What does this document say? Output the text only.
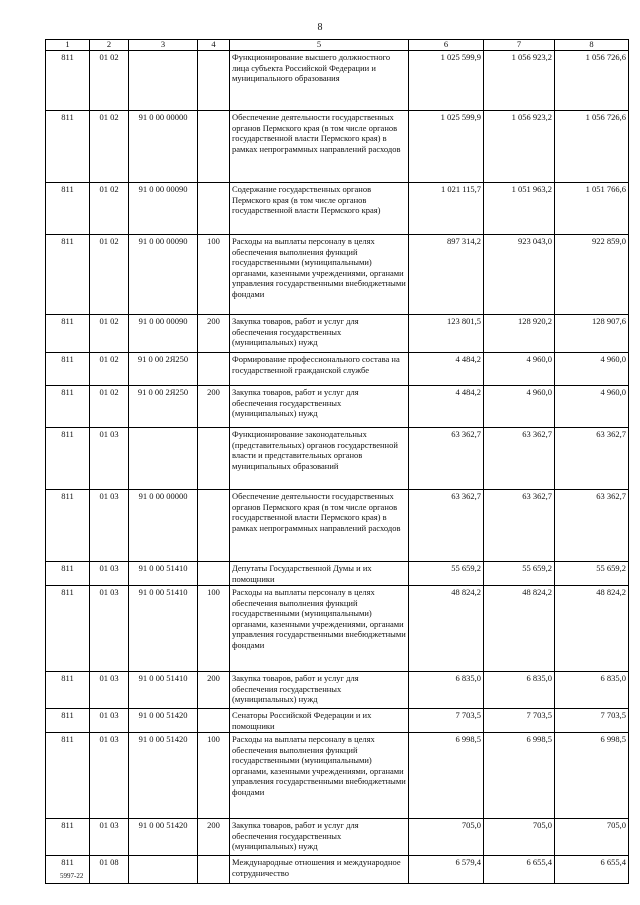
8
1	2	3	4	5	6	7	8
811	01 02			Функционирование высшего должностного лица субъекта Российской Федерации и муниципального образования	1 025 599,9	1 056 923,2	1 056 726,6
811	01 02	91 0 00 00000		Обеспечение деятельности государственных органов Пермского края (в том числе органов государственной власти Пермского края) в рамках непрограммных направлений расходов	1 025 599,9	1 056 923,2	1 056 726,6
811	01 02	91 0 00 00090		Содержание государственных органов Пермского края (в том числе органов государственной власти Пермского края)	1 021 115,7	1 051 963,2	1 051 766,6
811	01 02	91 0 00 00090	100	Расходы на выплаты персоналу в целях обеспечения выполнения функций государственными (муниципальными) органами, казенными учреждениями, органами управления государственными внебюджетными фондами	897 314,2	923 043,0	922 859,0
811	01 02	91 0 00 00090	200	Закупка товаров, работ и услуг для обеспечения государственных (муниципальных) нужд	123 801,5	128 920,2	128 907,6
811	01 02	91 0 00 2Я250		Формирование профессионального состава на государственной гражданской службе	4 484,2	4 960,0	4 960,0
811	01 02	91 0 00 2Я250	200	Закупка товаров, работ и услуг для обеспечения государственных (муниципальных) нужд	4 484,2	4 960,0	4 960,0
811	01 03			Функционирование законодательных (представительных) органов государственной власти и представительных органов муниципальных образований	63 362,7	63 362,7	63 362,7
811	01 03	91 0 00 00000		Обеспечение деятельности государственных органов Пермского края (в том числе органов государственной власти Пермского края) в рамках непрограммных направлений расходов	63 362,7	63 362,7	63 362,7
811	01 03	91 0 00 51410		Депутаты Государственной Думы и их помощники	55 659,2	55 659,2	55 659,2
811	01 03	91 0 00 51410	100	Расходы на выплаты персоналу в целях обеспечения выполнения функций государственными (муниципальными) органами, казенными учреждениями, органами управления государственными внебюджетными фондами	48 824,2	48 824,2	48 824,2
811	01 03	91 0 00 51410	200	Закупка товаров, работ и услуг для обеспечения государственных (муниципальных) нужд	6 835,0	6 835,0	6 835,0
811	01 03	91 0 00 51420		Сенаторы Российской Федерации и их помощники	7 703,5	7 703,5	7 703,5
811	01 03	91 0 00 51420	100	Расходы на выплаты персоналу в целях обеспечения выполнения функций государственными (муниципальными) органами, казенными учреждениями, органами управления государственными внебюджетными фондами	6 998,5	6 998,5	6 998,5
811	01 03	91 0 00 51420	200	Закупка товаров, работ и услуг для обеспечения государственных (муниципальных) нужд	705,0	705,0	705,0
811	01 08			Международные отношения и международное сотрудничество	6 579,4	6 655,4	6 655,4
5997-22
